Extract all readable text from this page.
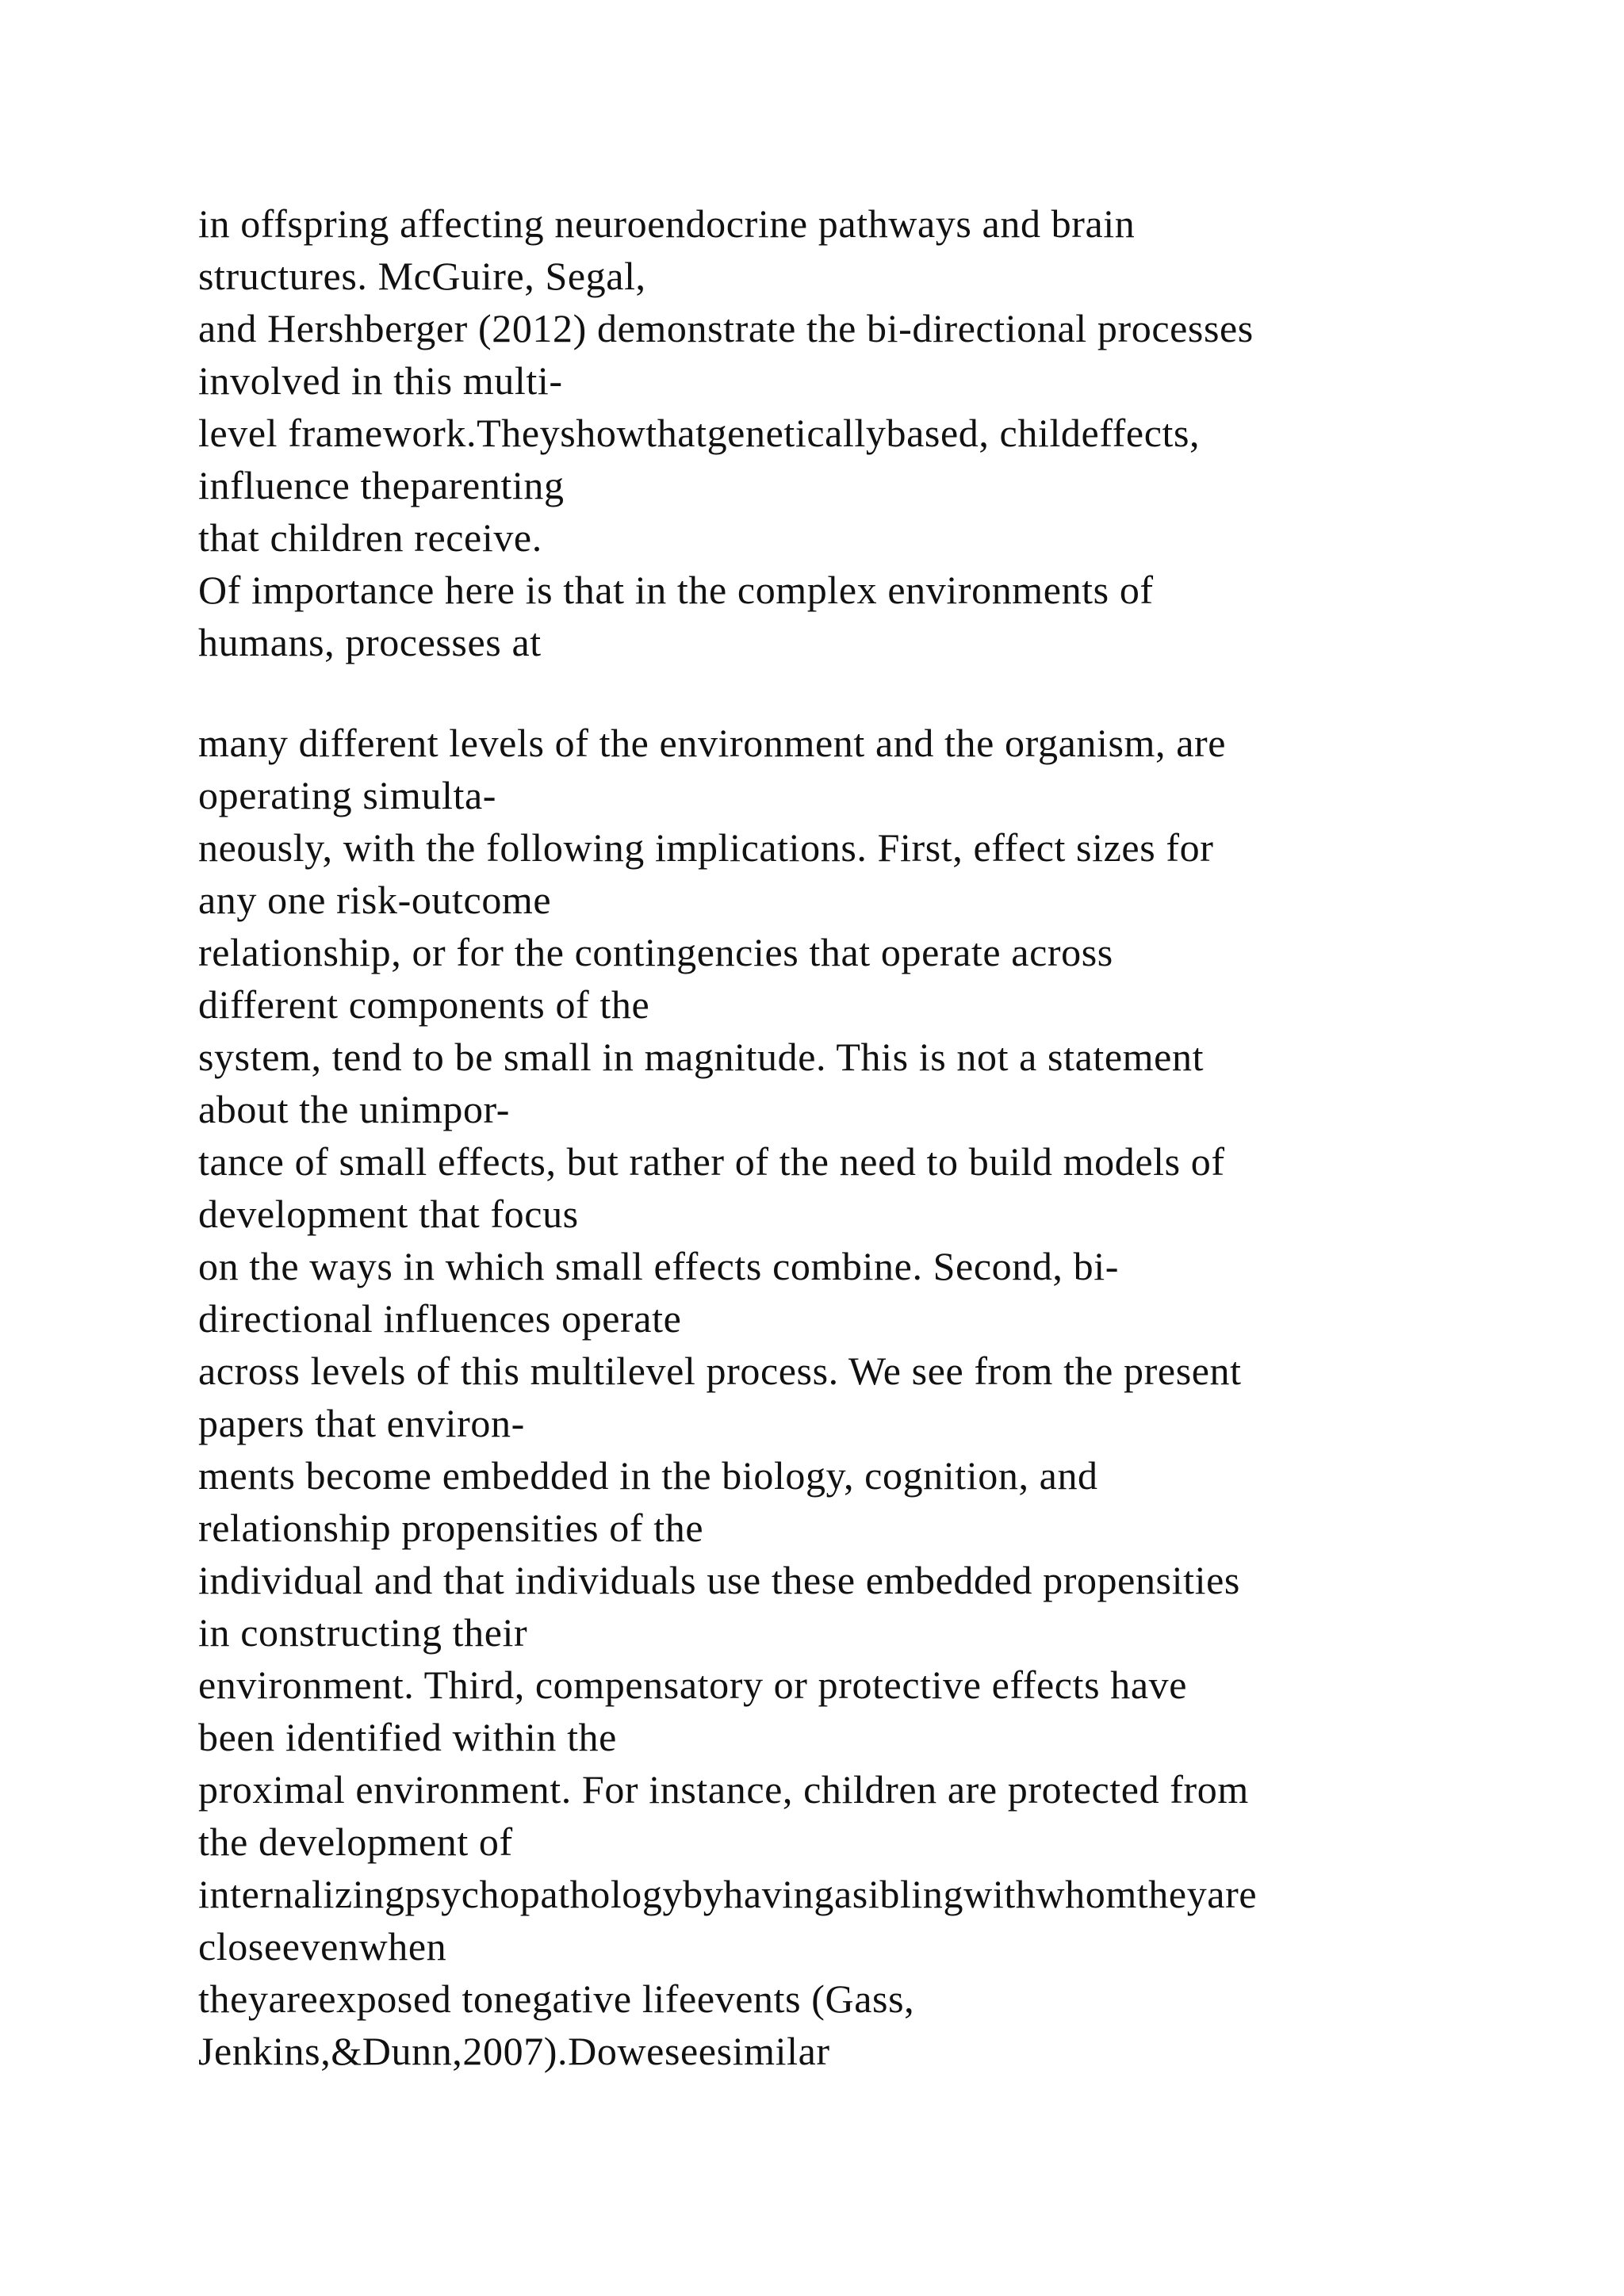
in offspring affecting neuroendocrine pathways and brain
structures. McGuire, Segal,
and Hershberger (2012) demonstrate the bi-directional processes
involved in this multi-
level framework.Theyshowthatgeneticallybased, childeffects,
influence theparenting
that children receive.
Of importance here is that in the complex environments of
humans, processes at
many different levels of the environment and the organism, are
operating simulta-
neously, with the following implications. First, effect sizes for
any one risk-outcome
relationship, or for the contingencies that operate across
different components of the
system, tend to be small in magnitude. This is not a statement
about the unimpor-
tance of small effects, but rather of the need to build models of
development that focus
on the ways in which small effects combine. Second, bi-
directional influences operate
across levels of this multilevel process. We see from the present
papers that environ-
ments become embedded in the biology, cognition, and
relationship propensities of the
individual and that individuals use these embedded propensities
in constructing their
environment. Third, compensatory or protective effects have
been identified within the
proximal environment. For instance, children are protected from
the development of
internalizingpsychopathologybyhavingasiblingwithwhomtheyare
closeevenwhen
theyareexposed tonegative lifeevents (Gass,
Jenkins,&Dunn,2007).Doweseesimilar
